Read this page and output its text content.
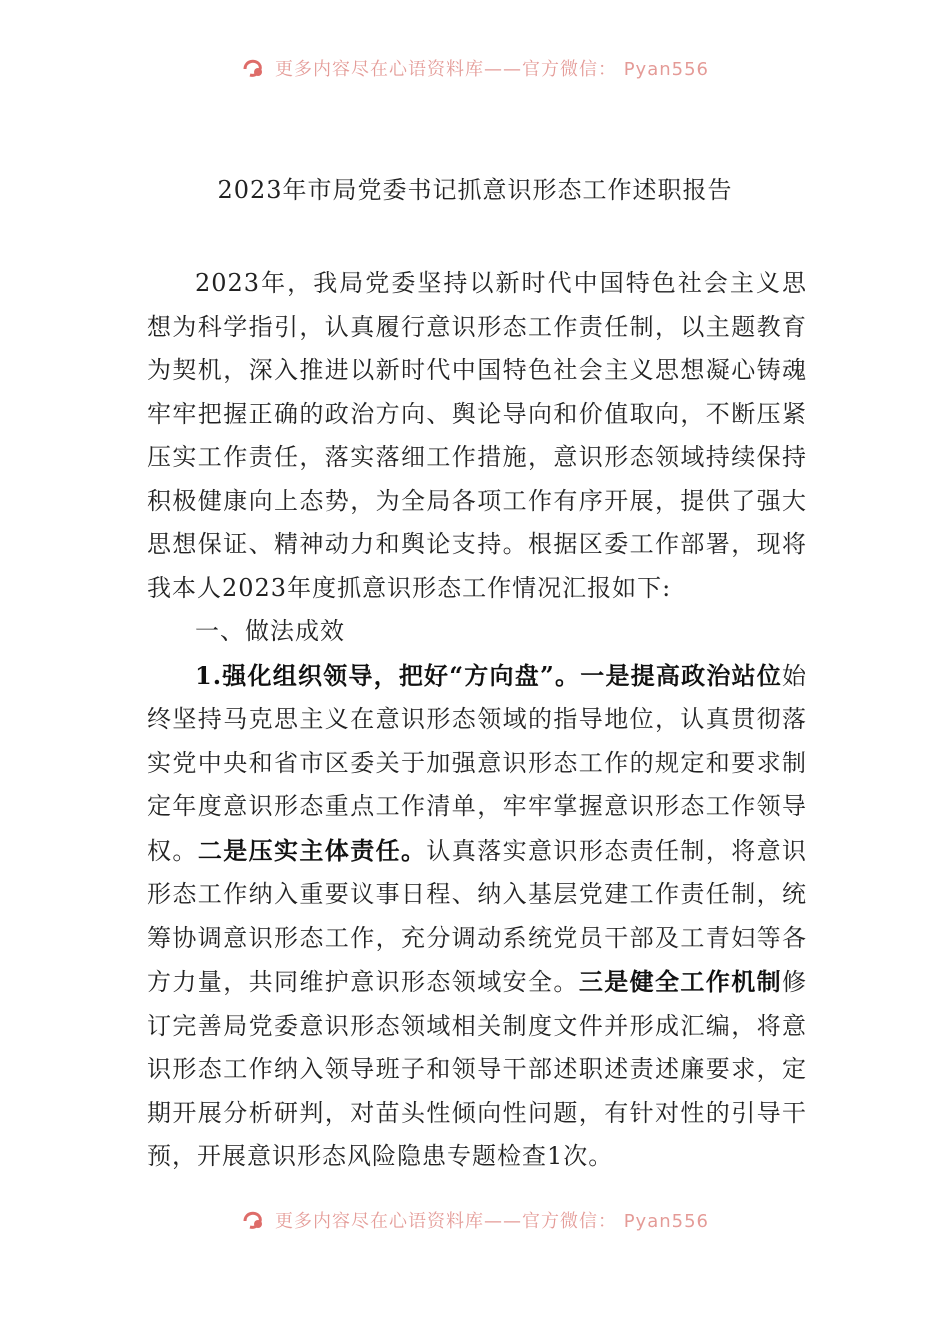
更多内容尽在心语资料库——官方微信： Pyan556
2023年市局党委书记抓意识形态工作述职报告

2023年，我局党委坚持以新时代中国特色社会主义思想为科学指引，认真履行意识形态工作责任制，以主题教育为契机，深入推进以新时代中国特色社会主义思想凝心铸魂牢牢把握正确的政治方向、舆论导向和价值取向，不断压紧压实工作责任，落实落细工作措施，意识形态领域持续保持积极健康向上态势，为全局各项工作有序开展，提供了强大思想保证、精神动力和舆论支持。根据区委工作部署，现将我本人2023年度抓意识形态工作情况汇报如下:

一、做法成效

1.强化组织领导，把好“方向盘”。一是提高政治站位始终坚持马克思主义在意识形态领域的指导地位，认真贯彻落实党中央和省市区委关于加强意识形态工作的规定和要求制定年度意识形态重点工作清单，牢牢掌握意识形态工作领导权。二是压实主体责任。认真落实意识形态责任制，将意识形态工作纳入重要议事日程、纳入基层党建工作责任制，统筹协调意识形态工作，充分调动系统党员干部及工青妇等各方力量，共同维护意识形态领域安全。三是健全工作机制修订完善局党委意识形态领域相关制度文件并形成汇编，将意识形态工作纳入领导班子和领导干部述职述责述廉要求，定期开展分析研判，对苗头性倾向性问题，有针对性的引导干预，开展意识形态风险隐患专题检查1次。

更多内容尽在心语资料库——官方微信： Pyan556
